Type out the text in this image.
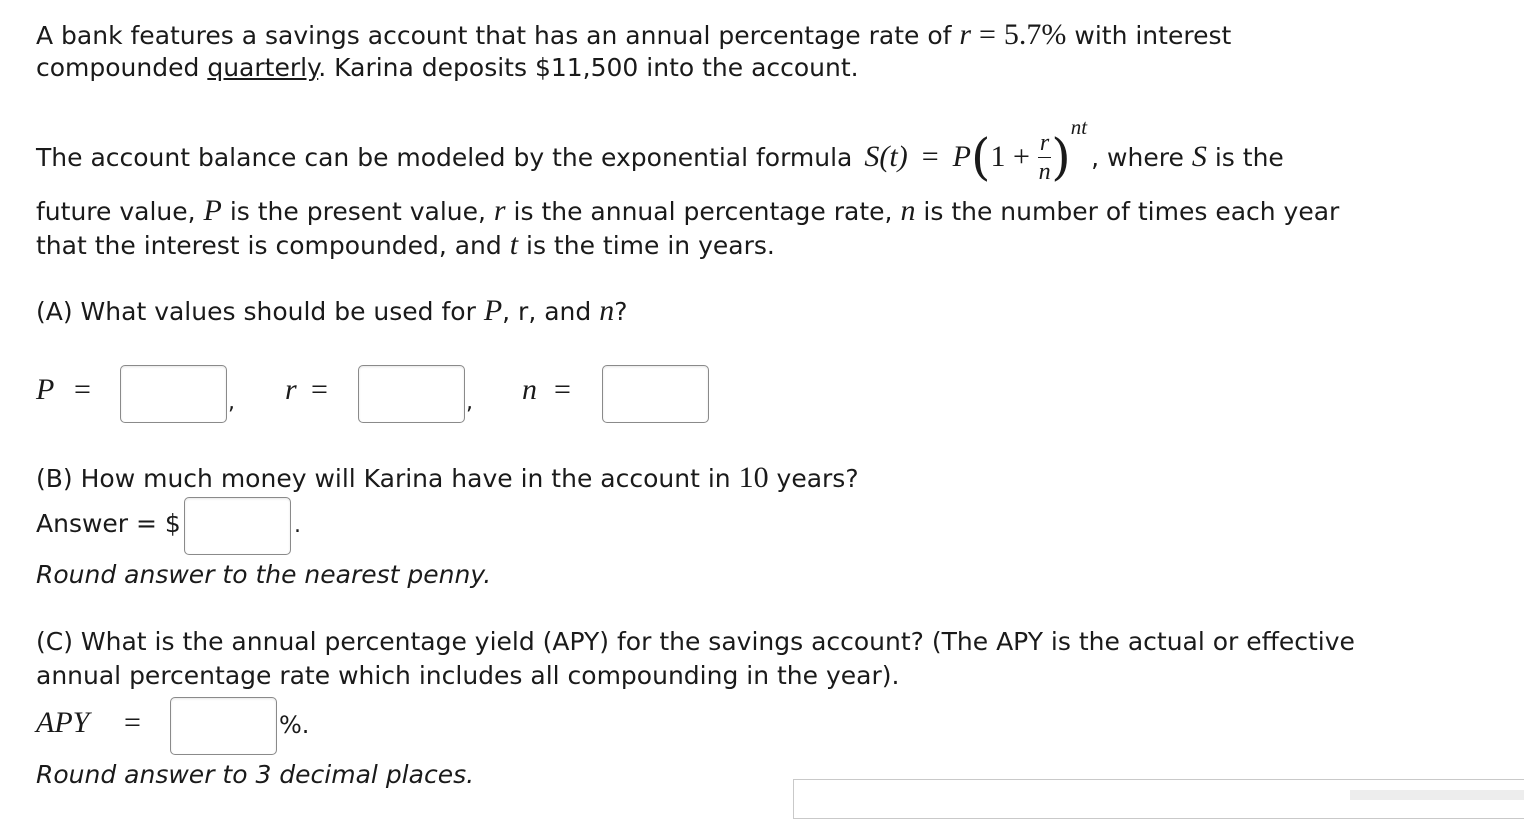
A bank features a savings account that has an annual percentage rate of r = 5.7% with interest
compounded quarterly. Karina deposits $11,500 into the account.
The account balance can be modeled by the exponential formula S(t) = P ( $1 + \frac{r}{n}$ )
nt
, where S is the
future value, P is the present value, r is the annual percentage rate, n is the number of times each year
that the interest is compounded, and t is the time in years.
(A) What values should be used for P, r, and n?
P =	, r =	, n =
(B) How much money will Karina have in the account in 10 years?
Answer = $	.
Round answer to the nearest penny.
(C) What is the annual percentage yield (APY) for the savings account? (The APY is the actual or effective
annual percentage rate which includes all compounding in the year).
APY =	%.
Round answer to 3 decimal places.
